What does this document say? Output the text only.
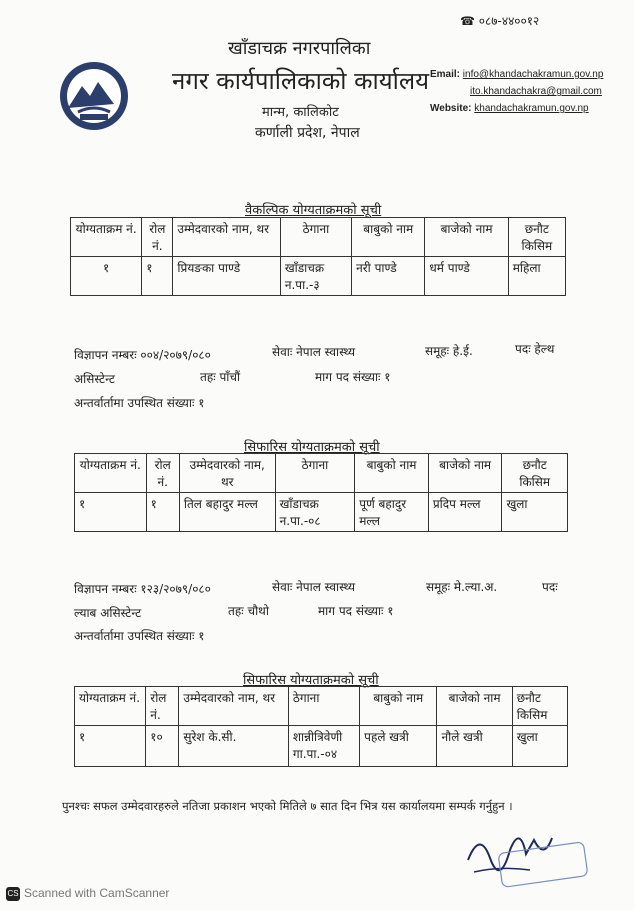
☎ ०८७-४४००१२
खाँडाचक्र नगरपालिका
नगर कार्यपालिकाको कार्यालय
मान्म, कालिकोट
कर्णाली प्रदेश, नेपाल
Email: info@khandachakramun.gov.np
ito.khandachakra@gmail.com
Website: khandachakramun.gov.np
वैकल्पिक योग्यताक्रमको सूची
योग्यताक्रम नं.	रोल नं.	उम्मेदवारको नाम, थर	ठेगाना	बाबुको नाम	बाजेको नाम	छनौट किसिम
१	१	प्रियङका पाण्डे	खाँडाचक्र न.पा.-३	नरी पाण्डे	धर्म पाण्डे	महिला
विज्ञापन नम्बरः ००४/२०७९/०८०	सेवाः नेपाल स्वास्थ्य	समूहः हे.ई.	पदः हेल्थ
असिस्टेन्ट	तहः पाँचौं	माग पद संख्याः १
अन्तर्वार्तामा उपस्थित संख्याः १
सिफारिस योग्यताक्रमको सूची
योग्यताक्रम नं.	रोल नं.	उम्मेदवारको नाम, थर	ठेगाना	बाबुको नाम	बाजेको नाम	छनौट किसिम
१	१	तिल बहादुर मल्ल	खाँडाचक्र न.पा.-०८	पूर्ण बहादुर मल्ल	प्रदिप मल्ल	खुला
विज्ञापन नम्बरः १२३/२०७९/०८०	सेवाः नेपाल स्वास्थ्य	समूहः मे.ल्या.अ.	पदः
ल्याब असिस्टेन्ट	तहः चौथो	माग पद संख्याः १
अन्तर्वार्तामा उपस्थित संख्याः १
सिफारिस योग्यताक्रमको सूची
योग्यताक्रम नं.	रोल नं.	उम्मेदवारको नाम, थर	ठेगाना	बाबुको नाम	बाजेको नाम	छनौट किसिम
१	१०	सुरेश के.सी.	शान्नीत्रिवेणी गा.पा.-०४	पहले खत्री	नौले खत्री	खुला
पुनश्चः सफल उम्मेदवारहरुले नतिजा प्रकाशन भएको मितिले ७ सात दिन भित्र यस कार्यालयमा सम्पर्क गर्नुहुन ।
CS Scanned with CamScanner
